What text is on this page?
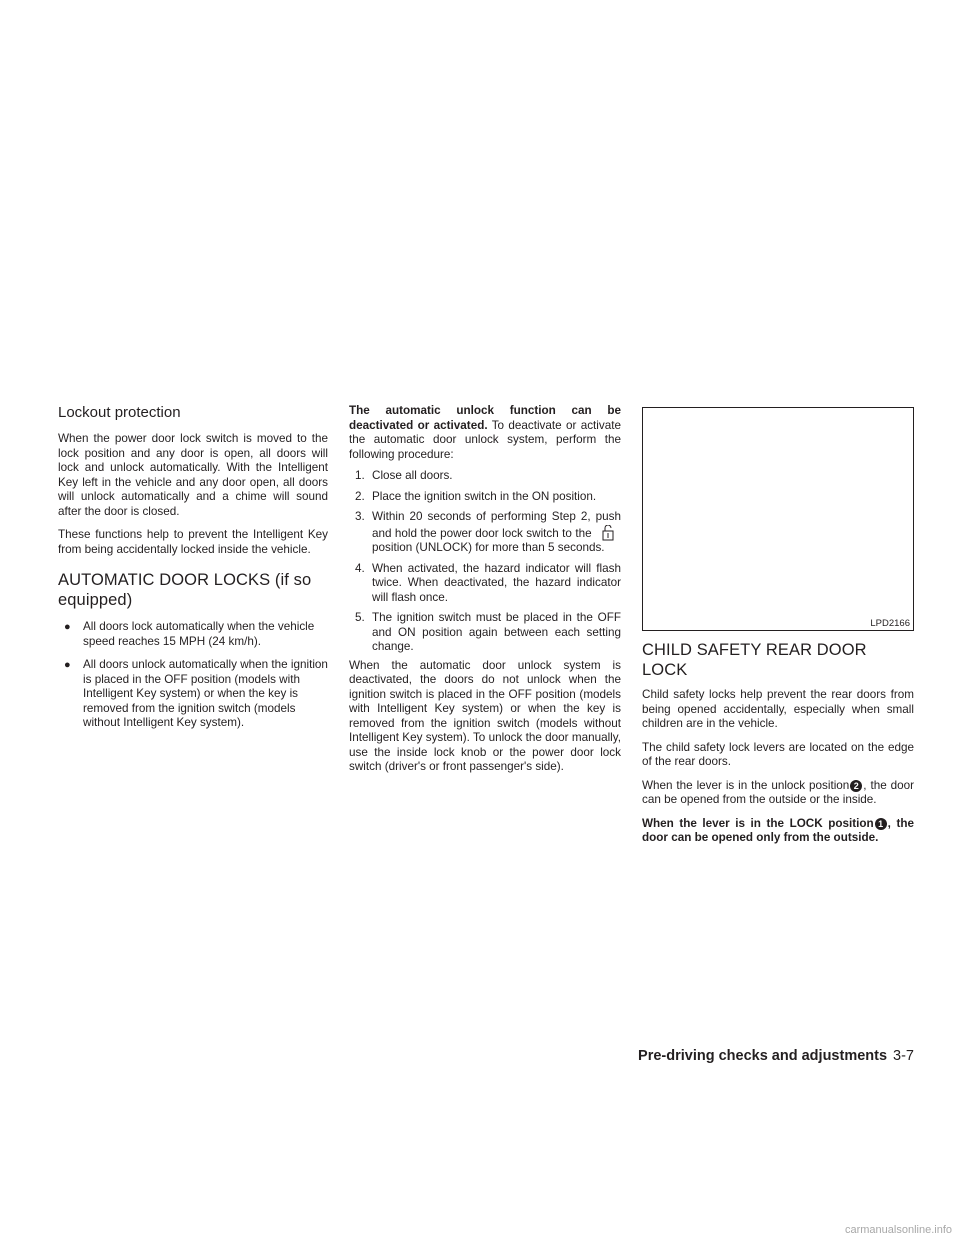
Lockout protection

When the power door lock switch is moved to the lock position and any door is open, all doors will lock and unlock automatically. With the Intelligent Key left in the vehicle and any door open, all doors will unlock automatically and a chime will sound after the door is closed.

These functions help to prevent the Intelligent Key from being accidentally locked inside the vehicle.

AUTOMATIC DOOR LOCKS (if so equipped)
● All doors lock automatically when the vehicle speed reaches 15 MPH (24 km/h).
● All doors unlock automatically when the ignition is placed in the OFF position (models with Intelligent Key system) or when the key is removed from the ignition switch (models without Intelligent Key system).

The automatic unlock function can be deactivated or activated. To deactivate or activate the automatic door unlock system, perform the following procedure:

1. Close all doors.
2. Place the ignition switch in the ON position.
3. Within 20 seconds of performing Step 2, push and hold the power door lock switch to the position (UNLOCK) for more than 5 seconds.
4. When activated, the hazard indicator will flash twice. When deactivated, the hazard indicator will flash once.
5. The ignition switch must be placed in the OFF and ON position again between each setting change.

When the automatic door unlock system is deactivated, the doors do not unlock when the ignition switch is placed in the OFF position (models with Intelligent Key system) or when the key is removed from the ignition switch (models without Intelligent Key system). To unlock the door manually, use the inside lock knob or the power door lock switch (driver's or front passenger's side).

LPD2166
CHILD SAFETY REAR DOOR LOCK

Child safety locks help prevent the rear doors from being opened accidentally, especially when small children are in the vehicle.

The child safety lock levers are located on the edge of the rear doors.

When the lever is in the unlock position 2 , the door can be opened from the outside or the inside.

When the lever is in the LOCK position 1 , the door can be opened only from the outside.

Pre-driving checks and adjustments 3-7
carmanualsonline.info
